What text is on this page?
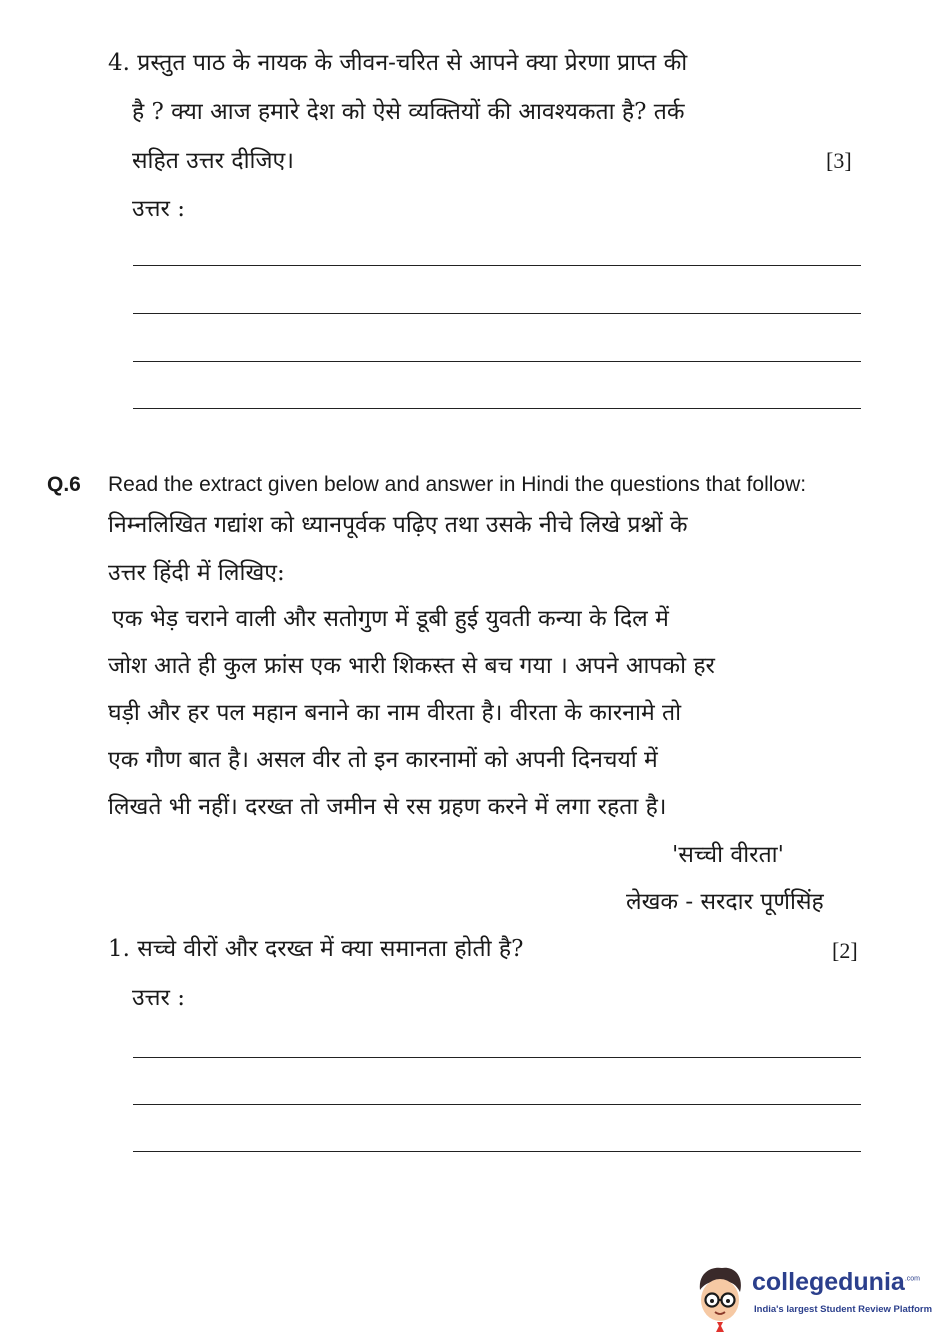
4. प्रस्तुत पाठ के नायक के जीवन-चरित से आपने क्या प्रेरणा प्राप्त की
है ? क्या आज हमारे देश को ऐसे व्यक्तियों की आवश्यकता है? तर्क
सहित उत्तर दीजिए।	[3]
उत्तर :
Q.6 Read the extract given below and answer in Hindi the questions that follow:
निम्नलिखित गद्यांश को ध्यानपूर्वक पढ़िए तथा उसके नीचे लिखे प्रश्नों के
उत्तर हिंदी में लिखिए:
एक भेड़ चराने वाली और सतोगुण में डूबी हुई युवती कन्या के दिल में
जोश आते ही कुल फ्रांस एक भारी शिकस्त से बच गया । अपने आपको हर
घड़ी और हर पल महान बनाने का नाम वीरता है। वीरता के कारनामे तो
एक गौण बात है। असल वीर तो इन कारनामों को अपनी दिनचर्या में
लिखते भी नहीं। दरख्त तो जमीन से रस ग्रहण करने में लगा रहता है।
'सच्ची वीरता'
लेखक - सरदार पूर्णसिंह
1. सच्चे वीरों और दरख्त में क्या समानता होती है?	[2]
उत्तर :
collegedunia$^{.com}$
India's largest Student Review Platform
